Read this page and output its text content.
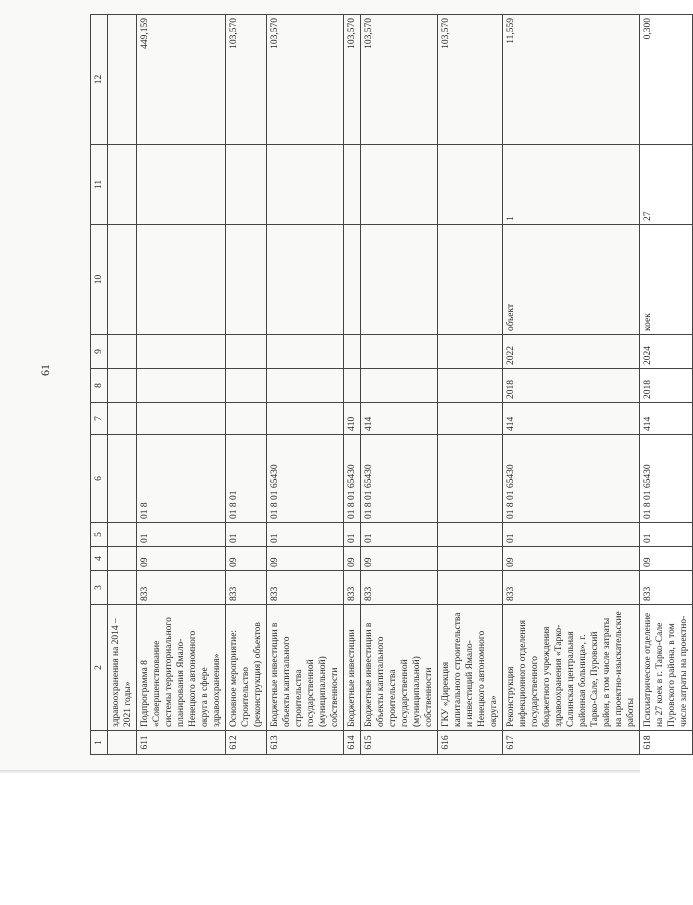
61
1	2	3	4	5	6	7	8	9	10	11	12
	здравоохранения на 2014 – 2021 годы»										
611	Подпрограмма 8 «Совершенствование системы территориального планирования Ямало-Ненецкого автономного округа в сфере здравоохранения»	833	09	01	01 8						449,159
612	Основное мероприятие: Строительство (реконструкция) объектов	833	09	01	01 8 01						103,570
613	Бюджетные инвестиции в объекты капитального строительства государственной (муниципальной) собственности	833	09	01	01 8 01 65430						103,570
614	Бюджетные инвестиции	833	09	01	01 8 01 65430	410					103,570
615	Бюджетные инвестиции в объекты капитального строительства государственной (муниципальной) собственности	833	09	01	01 8 01 65430	414					103,570
616	ГКУ «Дирекция капитального строительства и инвестиций Ямало-Ненецкого автономного округа»										103,570
617	Реконструкция инфекционного отделения государственного бюджетного учреждения здравоохранения «Тарко-Салинская центральная районная больница», г. Тарко-Сале, Пуровский район, в том числе затраты на проектно-изыскательские работы	833	09	01	01 8 01 65430	414	2018	2022	объект	1	11,559
618	Психиатрическое отделение на 27 коек в г. Тарко-Сале Пуровского района, в том числе затраты на проектно-	833	09	01	01 8 01 65430	414	2018	2024	коек	27	0,300
